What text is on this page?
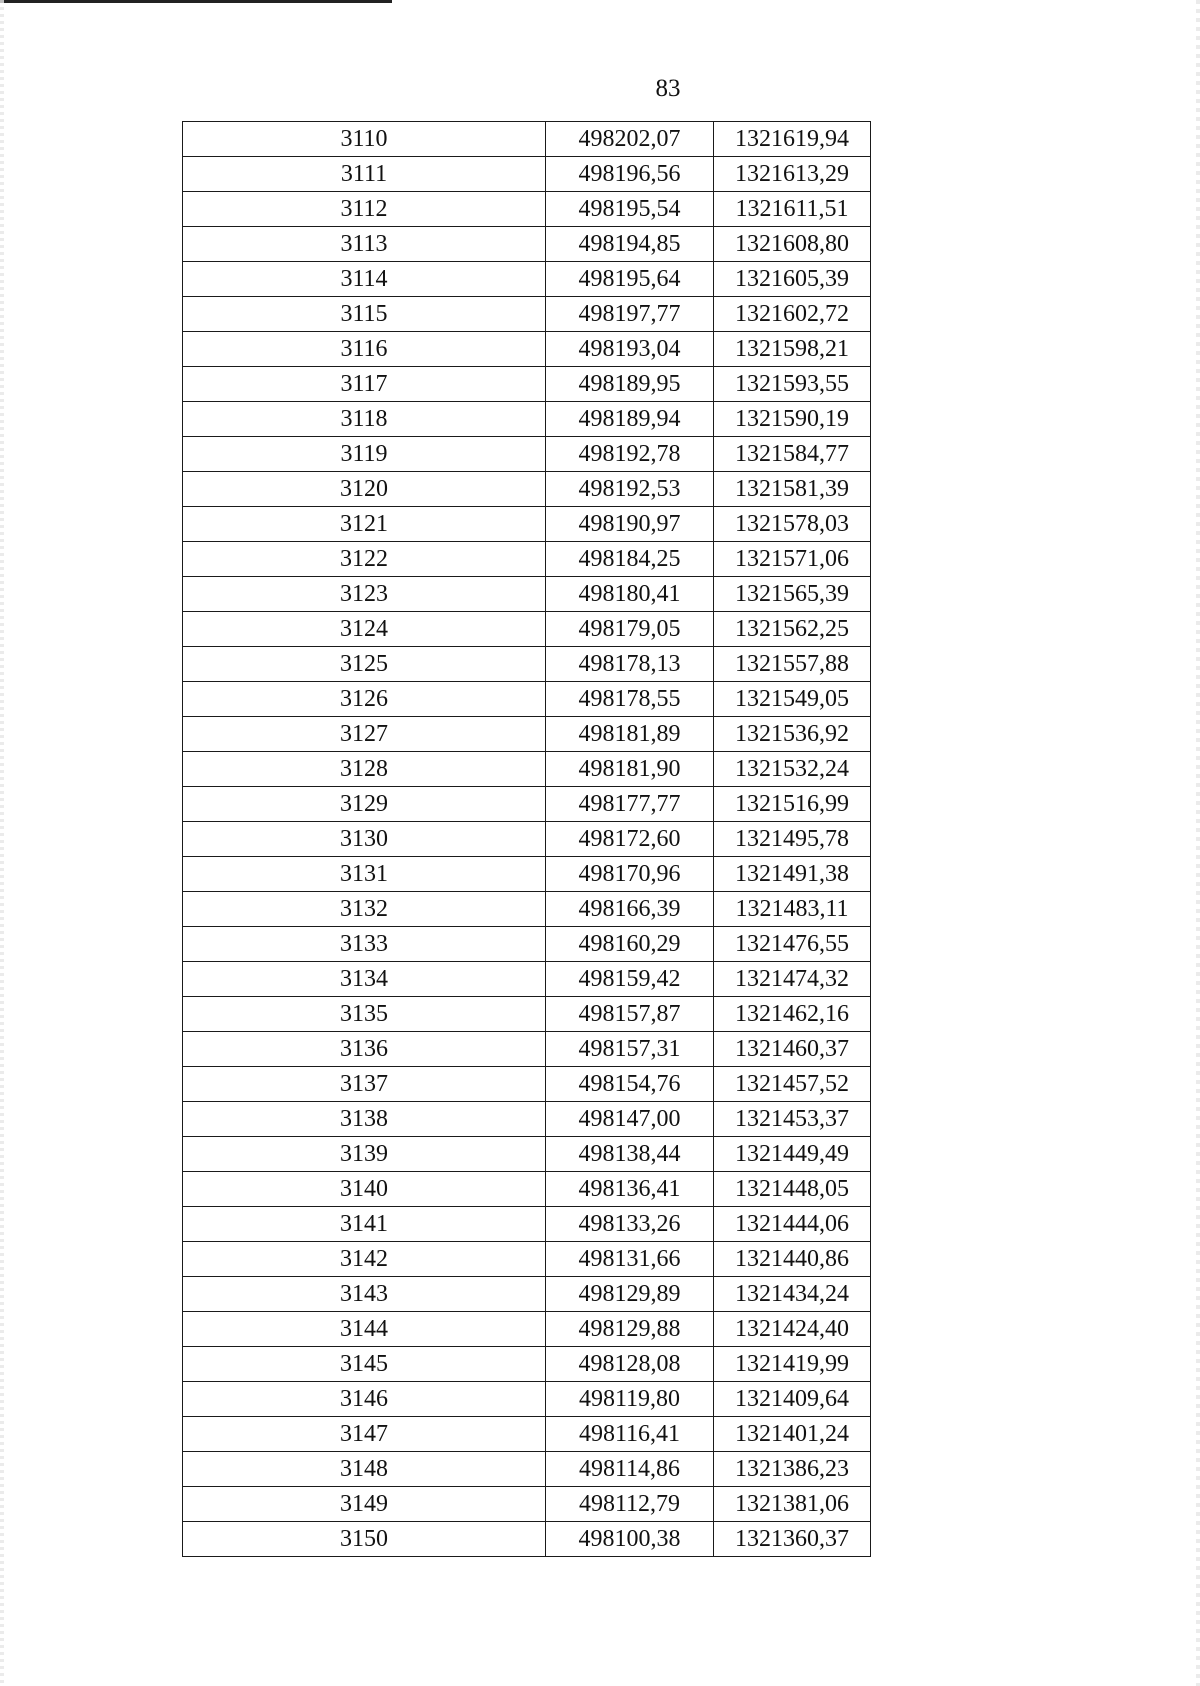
83
3110	498202,07	1321619,94
3111	498196,56	1321613,29
3112	498195,54	1321611,51
3113	498194,85	1321608,80
3114	498195,64	1321605,39
3115	498197,77	1321602,72
3116	498193,04	1321598,21
3117	498189,95	1321593,55
3118	498189,94	1321590,19
3119	498192,78	1321584,77
3120	498192,53	1321581,39
3121	498190,97	1321578,03
3122	498184,25	1321571,06
3123	498180,41	1321565,39
3124	498179,05	1321562,25
3125	498178,13	1321557,88
3126	498178,55	1321549,05
3127	498181,89	1321536,92
3128	498181,90	1321532,24
3129	498177,77	1321516,99
3130	498172,60	1321495,78
3131	498170,96	1321491,38
3132	498166,39	1321483,11
3133	498160,29	1321476,55
3134	498159,42	1321474,32
3135	498157,87	1321462,16
3136	498157,31	1321460,37
3137	498154,76	1321457,52
3138	498147,00	1321453,37
3139	498138,44	1321449,49
3140	498136,41	1321448,05
3141	498133,26	1321444,06
3142	498131,66	1321440,86
3143	498129,89	1321434,24
3144	498129,88	1321424,40
3145	498128,08	1321419,99
3146	498119,80	1321409,64
3147	498116,41	1321401,24
3148	498114,86	1321386,23
3149	498112,79	1321381,06
3150	498100,38	1321360,37
